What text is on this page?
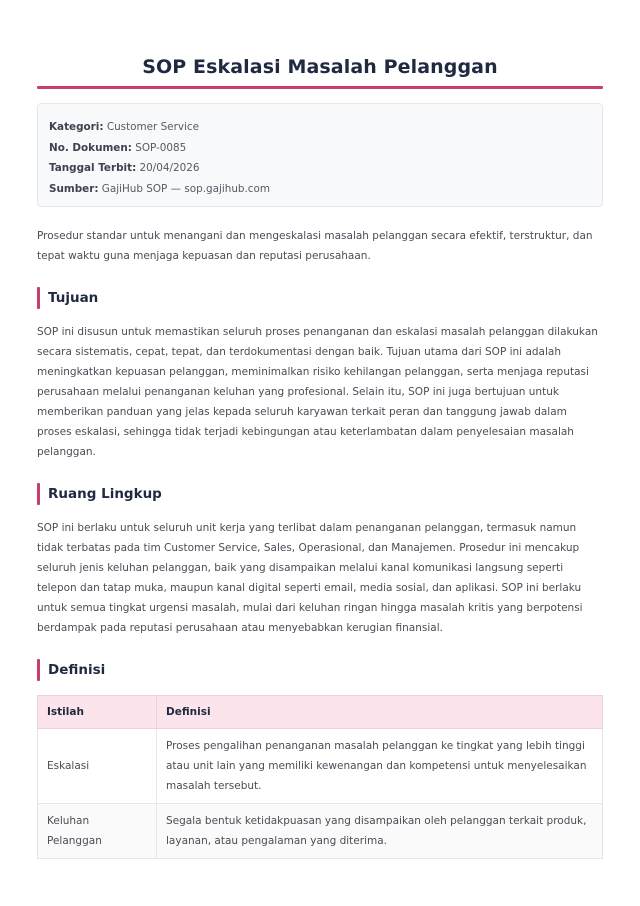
SOP Eskalasi Masalah Pelanggan
Kategori: Customer Service
No. Dokumen: SOP-0085
Tanggal Terbit: 20/04/2026
Sumber: GajiHub SOP — sop.gajihub.com

Prosedur standar untuk menangani dan mengeskalasi masalah pelanggan secara efektif, terstruktur, dan tepat waktu guna menjaga kepuasan dan reputasi perusahaan.

Tujuan

SOP ini disusun untuk memastikan seluruh proses penanganan dan eskalasi masalah pelanggan dilakukan secara sistematis, cepat, tepat, dan terdokumentasi dengan baik. Tujuan utama dari SOP ini adalah meningkatkan kepuasan pelanggan, meminimalkan risiko kehilangan pelanggan, serta menjaga reputasi perusahaan melalui penanganan keluhan yang profesional. Selain itu, SOP ini juga bertujuan untuk memberikan panduan yang jelas kepada seluruh karyawan terkait peran dan tanggung jawab dalam proses eskalasi, sehingga tidak terjadi kebingungan atau keterlambatan dalam penyelesaian masalah pelanggan.

Ruang Lingkup

SOP ini berlaku untuk seluruh unit kerja yang terlibat dalam penanganan pelanggan, termasuk namun tidak terbatas pada tim Customer Service, Sales, Operasional, dan Manajemen. Prosedur ini mencakup seluruh jenis keluhan pelanggan, baik yang disampaikan melalui kanal komunikasi langsung seperti telepon dan tatap muka, maupun kanal digital seperti email, media sosial, dan aplikasi. SOP ini berlaku untuk semua tingkat urgensi masalah, mulai dari keluhan ringan hingga masalah kritis yang berpotensi berdampak pada reputasi perusahaan atau menyebabkan kerugian finansial.

Definisi
Istilah	Definisi
Eskalasi	Proses pengalihan penanganan masalah pelanggan ke tingkat yang lebih tinggi atau unit lain yang memiliki kewenangan dan kompetensi untuk menyelesaikan masalah tersebut.
Keluhan Pelanggan	Segala bentuk ketidakpuasan yang disampaikan oleh pelanggan terkait produk, layanan, atau pengalaman yang diterima.
